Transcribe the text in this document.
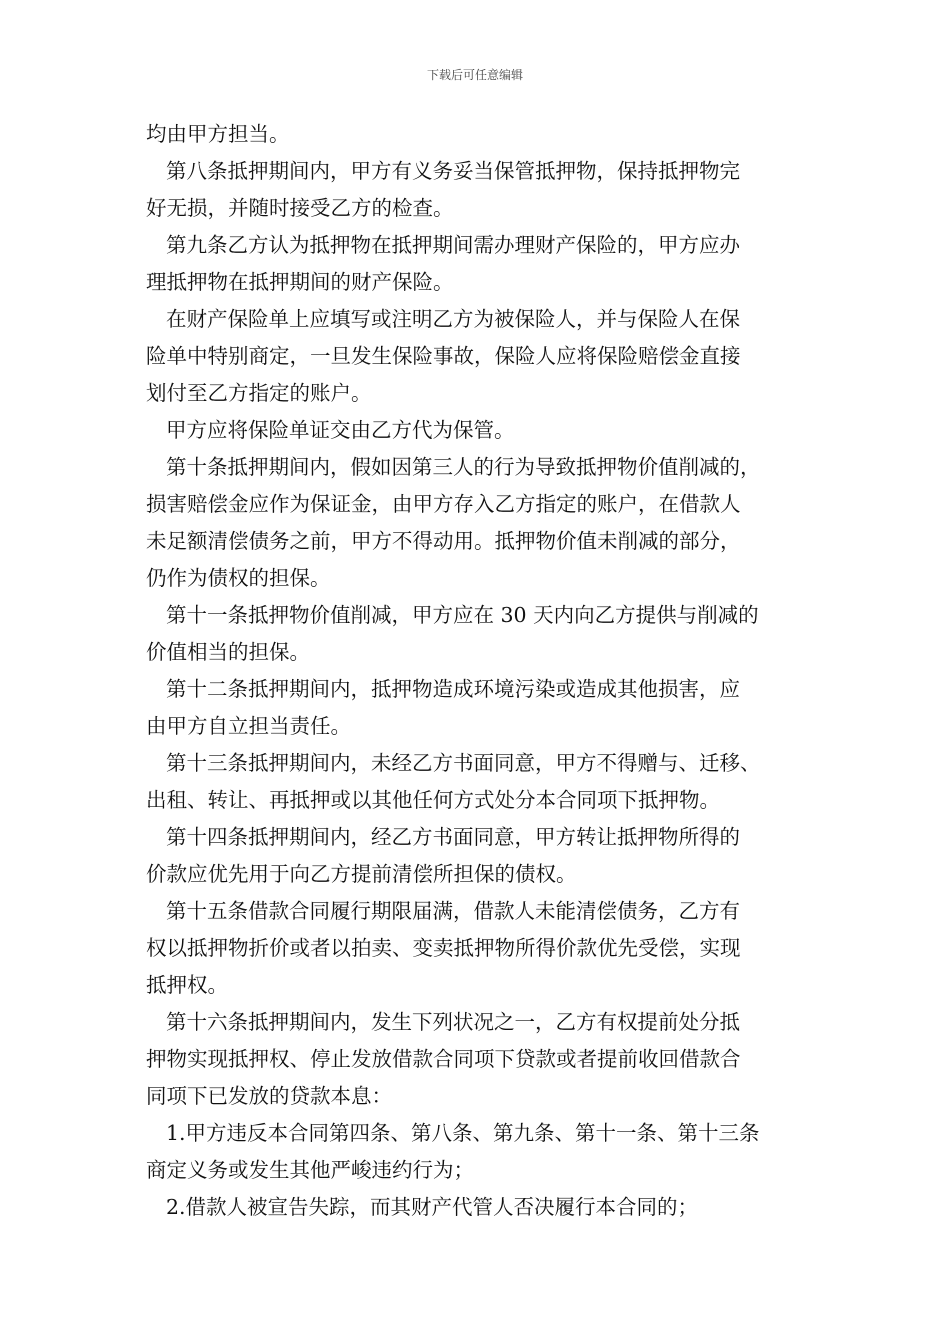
下载后可任意编辑
均由甲方担当。
第八条抵押期间内，甲方有义务妥当保管抵押物，保持抵押物完
好无损，并随时接受乙方的检查。
第九条乙方认为抵押物在抵押期间需办理财产保险的，甲方应办
理抵押物在抵押期间的财产保险。
在财产保险单上应填写或注明乙方为被保险人，并与保险人在保
险单中特别商定，一旦发生保险事故，保险人应将保险赔偿金直接
划付至乙方指定的账户。
甲方应将保险单证交由乙方代为保管。
第十条抵押期间内，假如因第三人的行为导致抵押物价值削减的，
损害赔偿金应作为保证金，由甲方存入乙方指定的账户，在借款人
未足额清偿债务之前，甲方不得动用。抵押物价值未削减的部分，
仍作为债权的担保。
第十一条抵押物价值削减，甲方应在 30 天内向乙方提供与削减的
价值相当的担保。
第十二条抵押期间内，抵押物造成环境污染或造成其他损害，应
由甲方自立担当责任。
第十三条抵押期间内，未经乙方书面同意，甲方不得赠与、迁移、
出租、转让、再抵押或以其他任何方式处分本合同项下抵押物。
第十四条抵押期间内，经乙方书面同意，甲方转让抵押物所得的
价款应优先用于向乙方提前清偿所担保的债权。
第十五条借款合同履行期限届满，借款人未能清偿债务，乙方有
权以抵押物折价或者以拍卖、变卖抵押物所得价款优先受偿，实现
抵押权。
第十六条抵押期间内，发生下列状况之一，乙方有权提前处分抵
押物实现抵押权、停止发放借款合同项下贷款或者提前收回借款合
同项下已发放的贷款本息：
1.甲方违反本合同第四条、第八条、第九条、第十一条、第十三条
商定义务或发生其他严峻违约行为；
2.借款人被宣告失踪，而其财产代管人否决履行本合同的；
